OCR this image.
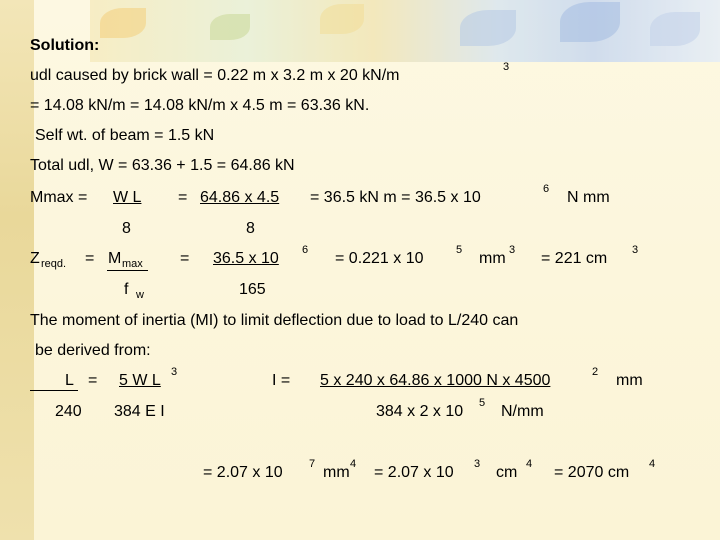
Solution:
udl caused by brick wall = 0.22 m x 3.2 m x 20 kN/m	3
= 14.08 kN/m = 14.08 kN/m x 4.5 m = 63.36 kN.
Self wt. of beam = 1.5 kN
Total udl, W = 63.36 + 1.5 = 64.86 kN
Mmax = W L = 64.86 x 4.5 = 36.5 kN m = 36.5 x 10	6 N mm
8	8
Z reqd. = M max = 36.5 x 10 6 = 0.221 x 10	5 mm 3 = 221 cm 3
f w	165
The moment of inertia (MI) to limit deflection due to load to L/240 can
be derived from:
L = 5 W L 3	I = 5 x 240 x 64.86 x 1000 N x 4500	2 mm
240 384 E I	384 x 2 x 10 5 N/mm
= 2.07 x 10 7 mm 4 = 2.07 x 10 3 cm 4 = 2070 cm 4
